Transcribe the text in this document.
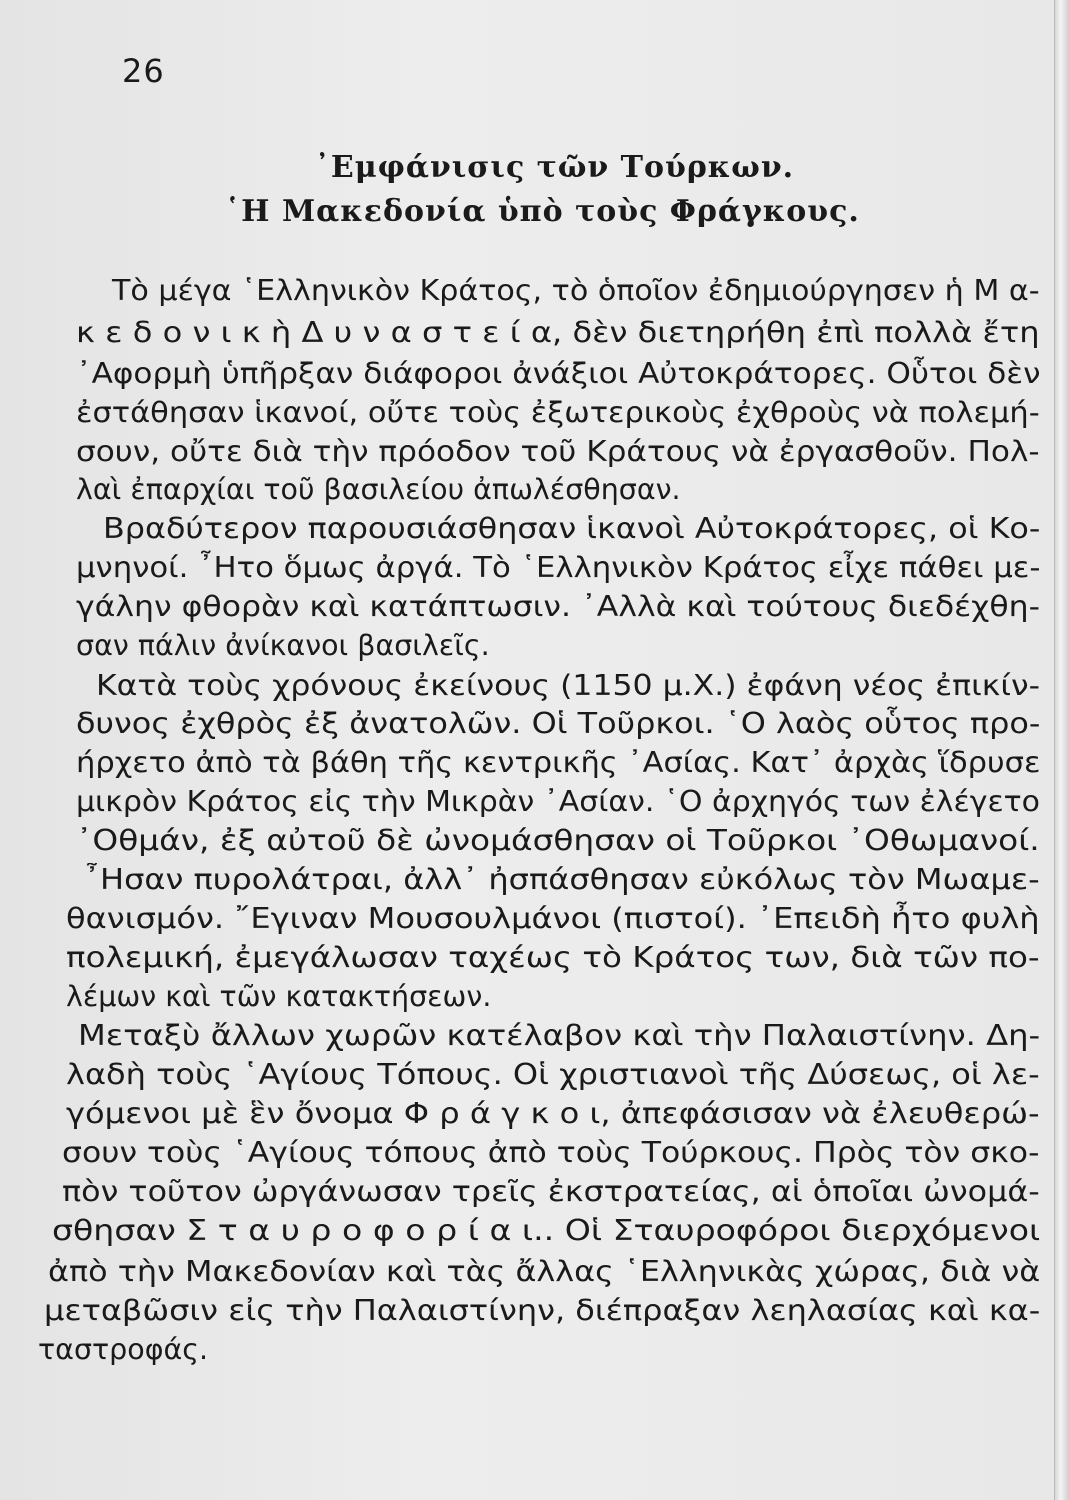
26
᾿Εμφάνισις τῶν Τούρκων.
῾Η Μακεδονία ὑπὸ τοὺς Φράγκους.
Τὸ μέγα ῾Ελληνικὸν Κράτος, τὸ ὁποῖον ἐδημιούργησεν ἡ Μ α-
κ ε δ ο ν ι κ ὴ Δ υ ν α σ τ ε ί α, δὲν διετηρήθη ἐπὶ πολλὰ ἔτη
᾿Αφορμὴ ὑπῆρξαν διάφοροι ἀνάξιοι Αὐτοκράτορες. Οὗτοι δὲν
ἐστάθησαν ἱκανοί, οὔτε τοὺς ἐξωτερικοὺς ἐχθροὺς νὰ πολεμή-
σουν, οὔτε διὰ τὴν πρόοδον τοῦ Κράτους νὰ ἐργασθοῦν. Πολ-
λαὶ ἐπαρχίαι τοῦ βασιλείου ἀπωλέσθησαν.
Βραδύτερον παρουσιάσθησαν ἱκανοὶ Αὐτοκράτορες, οἱ Κο-
μνηνοί. ῏Ητο ὅμως ἀργά. Τὸ ῾Ελληνικὸν Κράτος εἶχε πάθει με-
γάλην φθορὰν καὶ κατάπτωσιν. ᾿Αλλὰ καὶ τούτους διεδέχθη-
σαν πάλιν ἀνίκανοι βασιλεῖς.
Κατὰ τοὺς χρόνους ἐκείνους (1150 μ.Χ.) ἐφάνη νέος ἐπικίν-
δυνος ἐχθρὸς ἐξ ἀνατολῶν. Οἱ Τοῦρκοι. ῾Ο λαὸς οὗτος προ-
ήρχετο ἀπὸ τὰ βάθη τῆς κεντρικῆς ᾿Ασίας. Κατ᾿ ἀρχὰς ἵδρυσε
μικρὸν Κράτος εἰς τὴν Μικρὰν ᾿Ασίαν. ῾Ο ἀρχηγός των ἐλέγετο
᾿Οθμάν, ἐξ αὐτοῦ δὲ ὠνομάσθησαν οἱ Τοῦρκοι ᾿Οθωμανοί.
῏Ησαν πυρολάτραι, ἀλλ᾿ ἠσπάσθησαν εὐκόλως τὸν Μωαμε-
θανισμόν. ῎Εγιναν Μουσουλμάνοι (πιστοί). ᾿Επειδὴ ἦτο φυλὴ
πολεμική, ἐμεγάλωσαν ταχέως τὸ Κράτος των, διὰ τῶν πο-
λέμων καὶ τῶν κατακτήσεων.
Μεταξὺ ἄλλων χωρῶν κατέλαβον καὶ τὴν Παλαιστίνην. Δη-
λαδὴ τοὺς ῾Αγίους Τόπους. Οἱ χριστιανοὶ τῆς Δύσεως, οἱ λε-
γόμενοι μὲ ἓν ὄνομα Φ ρ ά γ κ ο ι, ἀπεφάσισαν νὰ ἐλευθερώ-
σουν τοὺς ῾Αγίους τόπους ἀπὸ τοὺς Τούρκους. Πρὸς τὸν σκο-
πὸν τοῦτον ὠργάνωσαν τρεῖς ἐκστρατείας, αἱ ὁποῖαι ὠνομά-
σθησαν Σ τ α υ ρ ο φ ο ρ ί α ι.. Οἱ Σταυροφόροι διερχόμενοι
ἀπὸ τὴν Μακεδονίαν καὶ τὰς ἄλλας ῾Ελληνικὰς χώρας, διὰ νὰ
μεταβῶσιν εἰς τὴν Παλαιστίνην, διέπραξαν λεηλασίας καὶ κα-
ταστροφάς.
